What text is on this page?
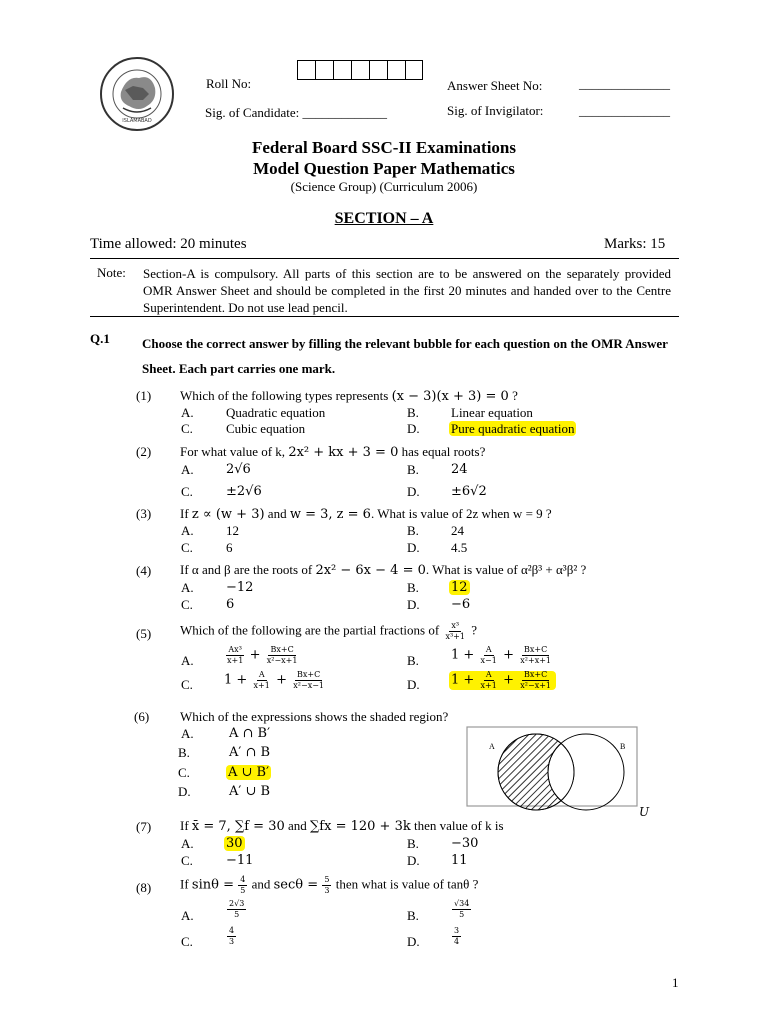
ISLAMABAD
Roll No:	Answer Sheet No:	______________
Sig. of Candidate: _____________	Sig. of Invigilator:	______________
Federal Board SSC-II Examinations
Model Question Paper Mathematics
(Science Group) (Curriculum 2006)
SECTION – A
Time allowed: 20 minutes	Marks: 15
Note: Section-A is compulsory. All parts of this section are to be answered on the separately provided OMR Answer Sheet and should be completed in the first 20 minutes and handed over to the Centre Superintendent. Do not use lead pencil.
Q.1 Choose the correct answer by filling the relevant bubble for each question on the OMR Answer Sheet. Each part carries one mark.
(1) Which of the following types represents (x − 3)(x + 3) = 0 ?
A. Quadratic equation	B. Linear equation
C.	Cubic equation	D. Pure quadratic equation
(2) For what value of k, 2x² + kx + 3 = 0 has equal roots?
A. 2√6	B. 24
C.	±2√6	D. ±6√2
(3) If z ∝ (w + 3) and w = 3, z = 6. What is value of 2z when w = 9 ?
A. 12	B. 24
C.	6	D. 4.5
(4) If α and β are the roots of 2x² − 6x − 4 = 0. What is value of α²β³ + α³β² ?
A. −12	B. 12
C.	6	D. −6
(5) Which of the following are the partial fractions of $\frac{\text{x³}}{\text{x³+1}}$ ?
A.	$\frac{\text{Ax³}}{x+1} + \frac{Bx+C}{\text{x²−x+1}}$	B. $1 + \frac{A}{x-1} + \frac{Bx+C}{\text{x²+x+1}}$
C. $1 + \frac{A}{x+1} + \frac{Bx+C}{\text{x²−x−1}}$	D. $1 + \frac{A}{x+1} + \frac{Bx+C}{\text{x²−x+1}}$
(6) Which of the expressions shows the shaded region?
A.	A ∩ B′
B.	A′ ∩ B
C.	A ∪ B′
D.	A′ ∪ B
A	B
U
(7) If x̄ = 7, ∑f = 30 and ∑fx = 120 + 3k then value of k is
A. 30	B. −30
C.	−11	D. 11
(8) If $\sin\theta = \frac{4}{5}$ and $\sec\theta = \frac{5}{3}$ then what is value of tanθ ?
A.	$\frac{2√3}{5}$	B.	$\frac{√34}{5}$
C.	$\frac{4}{3}$	D.	$\frac{3}{4}$
1
